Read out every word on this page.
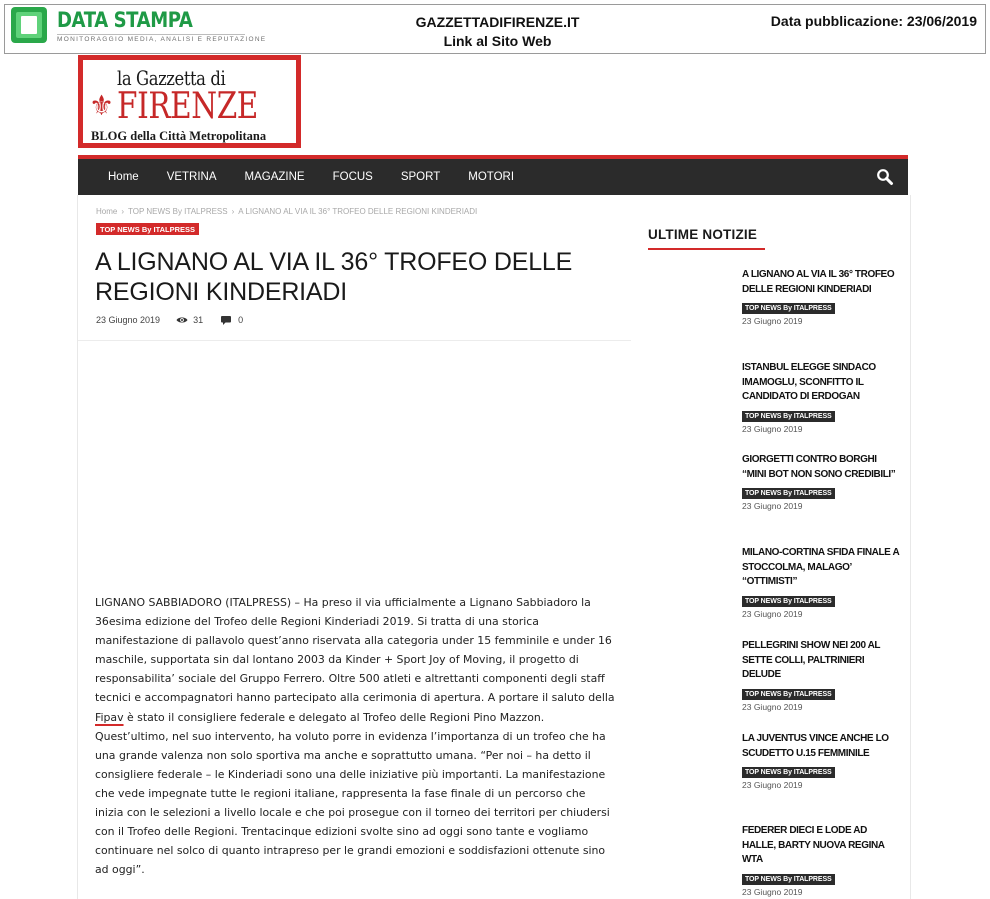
DATA STAMPA
MONITORAGGIO MEDIA, ANALISI E REPUTAZIONE
GAZZETTADIFIRENZE.IT
Link al Sito Web
Data pubblicazione: 23/06/2019
la Gazzetta di
⚜ FIRENZE
BLOG della Città Metropolitana
Home	VETRINA	MAGAZINE	FOCUS	SPORT	MOTORI
Home › TOP NEWS By ITALPRESS › A LIGNANO AL VIA IL 36° TROFEO DELLE REGIONI KINDERIADI
TOP NEWS By ITALPRESS
A LIGNANO AL VIA IL 36° TROFEO DELLE REGIONI KINDERIADI
23 Giugno 2019	31	0

LIGNANO SABBIADORO (ITALPRESS) – Ha preso il via ufficialmente a Lignano Sabbiadoro la 36esima edizione del Trofeo delle Regioni Kinderiadi 2019. Si tratta di una storica manifestazione di pallavolo quest’anno riservata alla categoria under 15 femminile e under 16 maschile, supportata sin dal lontano 2003 da Kinder + Sport Joy of Moving, il progetto di responsabilita’ sociale del Gruppo Ferrero. Oltre 500 atleti e altrettanti componenti degli staff tecnici e accompagnatori hanno partecipato alla cerimonia di apertura. A portare il saluto della Fipav è stato il consigliere federale e delegato al Trofeo delle Regioni Pino Mazzon. Quest’ultimo, nel suo intervento, ha voluto porre in evidenza l’importanza di un trofeo che ha una grande valenza non solo sportiva ma anche e soprattutto umana. “Per noi – ha detto il consigliere federale – le Kinderiadi sono una delle iniziative più importanti. La manifestazione che vede impegnate tutte le regioni italiane, rappresenta la fase finale di un percorso che inizia con le selezioni a livello locale e che poi prosegue con il torneo dei territori per chiudersi con il Trofeo delle Regioni. Trentacinque edizioni svolte sino ad oggi sono tante e vogliamo continuare nel solco di quanto intrapreso per le grandi emozioni e soddisfazioni ottenute sino ad oggi”.

ULTIME NOTIZIE
A LIGNANO AL VIA IL 36° TROFEO DELLE REGIONI KINDERIADI
TOP NEWS By ITALPRESS
23 Giugno 2019
ISTANBUL ELEGGE SINDACO IMAMOGLU, SCONFITTO IL CANDIDATO DI ERDOGAN
TOP NEWS By ITALPRESS
23 Giugno 2019
GIORGETTI CONTRO BORGHI “MINI BOT NON SONO CREDIBILI”
TOP NEWS By ITALPRESS
23 Giugno 2019
MILANO-CORTINA SFIDA FINALE A STOCCOLMA, MALAGO’ “OTTIMISTI”
TOP NEWS By ITALPRESS
23 Giugno 2019
PELLEGRINI SHOW NEI 200 AL SETTE COLLI, PALTRINIERI DELUDE
TOP NEWS By ITALPRESS
23 Giugno 2019
LA JUVENTUS VINCE ANCHE LO SCUDETTO U.15 FEMMINILE
TOP NEWS By ITALPRESS
23 Giugno 2019
FEDERER DIECI E LODE AD HALLE, BARTY NUOVA REGINA WTA
TOP NEWS By ITALPRESS
23 Giugno 2019
